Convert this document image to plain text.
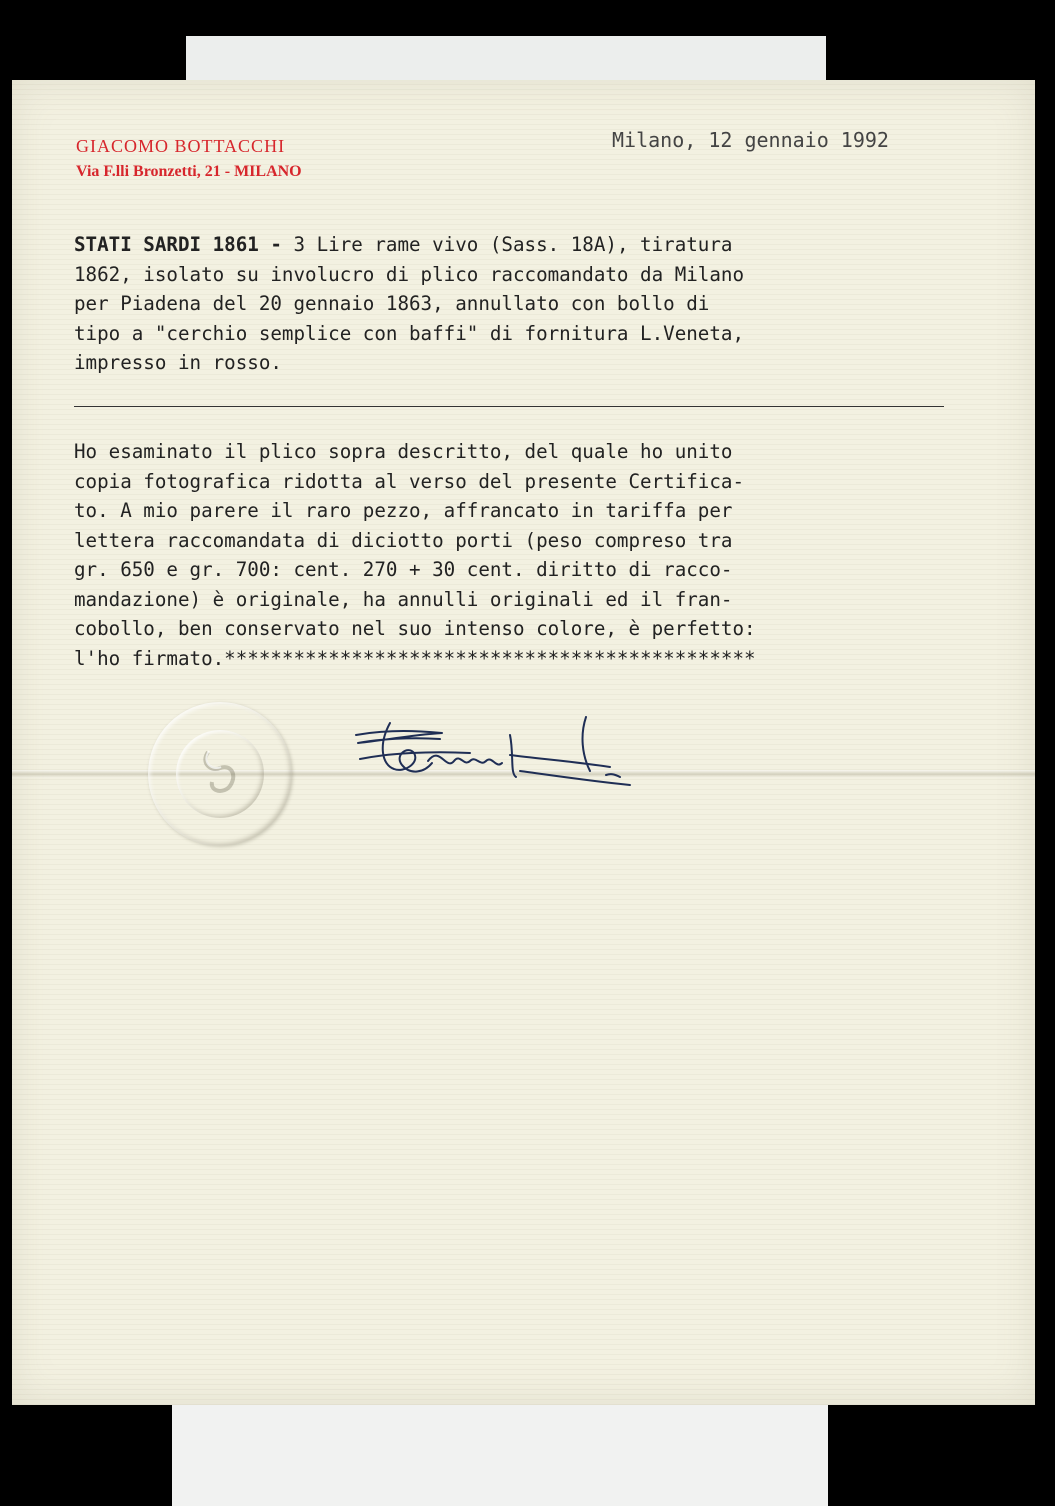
GIACOMO BOTTACCHI
Via F.lli Bronzetti, 21 - MILANO
Milano, 12 gennaio 1992
STATI SARDI 1861 - 3 Lire rame vivo (Sass. 18A), tiratura
1862, isolato su involucro di plico raccomandato da Milano
per Piadena del 20 gennaio 1863, annullato con bollo di
tipo a "cerchio semplice con baffi" di fornitura L.Veneta,
impresso in rosso.
Ho esaminato il plico sopra descritto, del quale ho unito
copia fotografica ridotta al verso del presente Certifica-
to. A mio parere il raro pezzo, affrancato in tariffa per
lettera raccomandata di diciotto porti (peso compreso tra
gr. 650 e gr. 700: cent. 270 + 30 cent. diritto di racco-
mandazione) è originale, ha annulli originali ed il fran-
cobollo, ben conservato nel suo intenso colore, è perfetto:
l'ho firmato.**********************************************
